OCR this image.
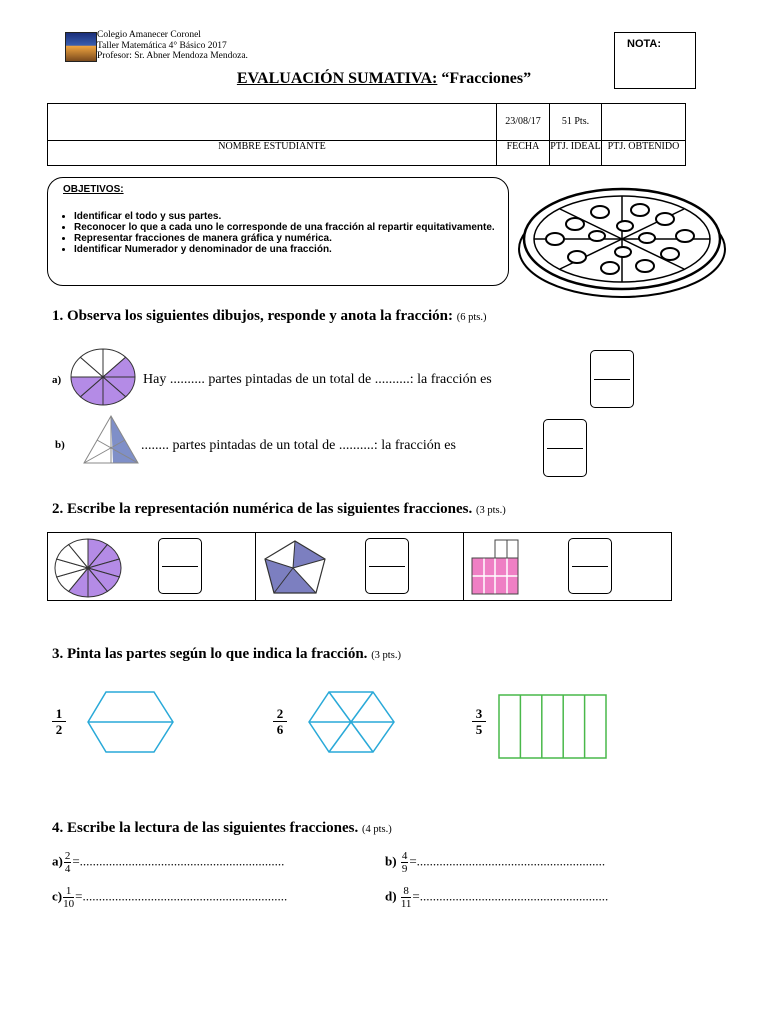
Colegio Amanecer Coronel
Taller Matemática 4° Básico 2017
Profesor: Sr. Abner Mendoza Mendoza.
NOTA:
EVALUACIÓN SUMATIVA: “Fracciones”
	23/08/17	51 Pts.	
NOMBRE ESTUDIANTE	FECHA	PTJ. IDEAL	PTJ. OBTENIDO
OBJETIVOS:
• Identificar el todo y sus partes.
• Reconocer lo que a cada uno le corresponde de una fracción al repartir equitativamente.
• Representar fracciones de manera gráfica y numérica.
• Identificar Numerador y denominador de una fracción.
1. Observa los siguientes dibujos, responde y anota la fracción: (6 pts.)
a)	Hay .......... partes pintadas de un total de ..........: la fracción es
b)	........ partes pintadas de un total de ..........: la fracción es
2. Escribe la representación numérica de las siguientes fracciones. (3 pts.)
3. Pinta las partes según lo que indica la fracción. (3 pts.)
$\frac{1}{2}$	$\frac{2}{6}$	$\frac{3}{5}$
4. Escribe la lectura de las siguientes fracciones. (4 pts.)
$a) \frac{2}{4}$ =...............................................................	$b) \frac{4}{9}$ =..........................................................
$c) \frac{1}{10}$ =...............................................................	$d) \frac{8}{11}$ =..........................................................
